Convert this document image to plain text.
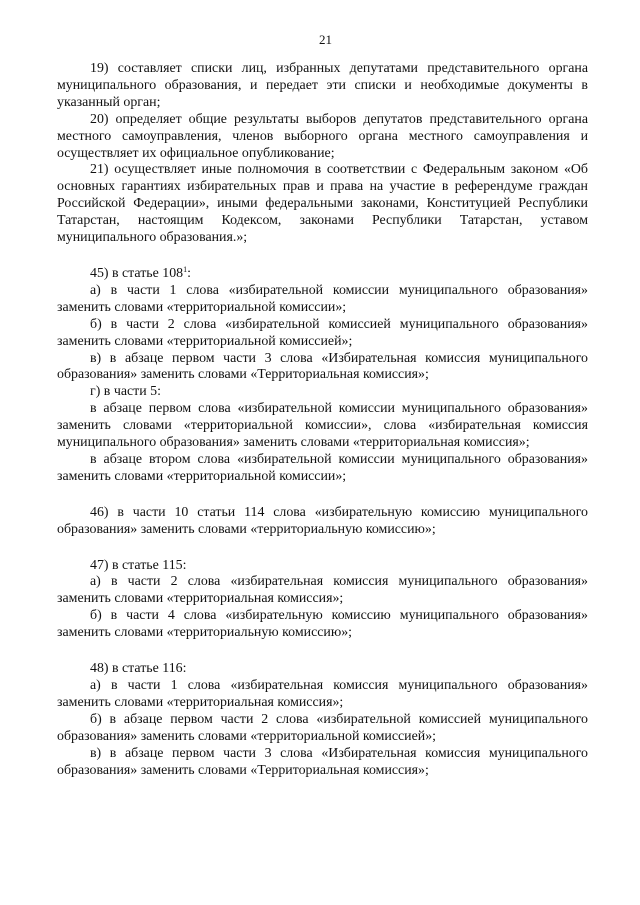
21

19) составляет списки лиц, избранных депутатами представительного органа муниципального образования, и передает эти списки и необходимые документы в указанный орган;

20) определяет общие результаты выборов депутатов представительного органа местного самоуправления, членов выборного органа местного самоуправления и осуществляет их официальное опубликование;

21) осуществляет иные полномочия в соответствии с Федеральным законом «Об основных гарантиях избирательных прав и права на участие в референдуме граждан Российской Федерации», иными федеральными законами, Конституцией Республики Татарстан, настоящим Кодексом, законами Республики Татарстан, уставом муниципального образования.»;

45) в статье $108^1$:

а) в части 1 слова «избирательной комиссии муниципального образования» заменить словами «территориальной комиссии»;

б) в части 2 слова «избирательной комиссией муниципального образования» заменить словами «территориальной комиссией»;

в) в абзаце первом части 3 слова «Избирательная комиссия муниципального образования» заменить словами «Территориальная комиссия»;

г) в части 5:

в абзаце первом слова «избирательной комиссии муниципального образования» заменить словами «территориальной комиссии», слова «избирательная комиссия муниципального образования» заменить словами «территориальная комиссия»;

в абзаце втором слова «избирательной комиссии муниципального образования» заменить словами «территориальной комиссии»;

46) в части 10 статьи 114 слова «избирательную комиссию муниципального образования» заменить словами «территориальную комиссию»;

47) в статье 115:

а) в части 2 слова «избирательная комиссия муниципального образования» заменить словами «территориальная комиссия»;

б) в части 4 слова «избирательную комиссию муниципального образования» заменить словами «территориальную комиссию»;

48) в статье 116:

а) в части 1 слова «избирательная комиссия муниципального образования» заменить словами «территориальная комиссия»;

б) в абзаце первом части 2 слова «избирательной комиссией муниципального образования» заменить словами «территориальной комиссией»;

в) в абзаце первом части 3 слова «Избирательная комиссия муниципального образования» заменить словами «Территориальная комиссия»;
